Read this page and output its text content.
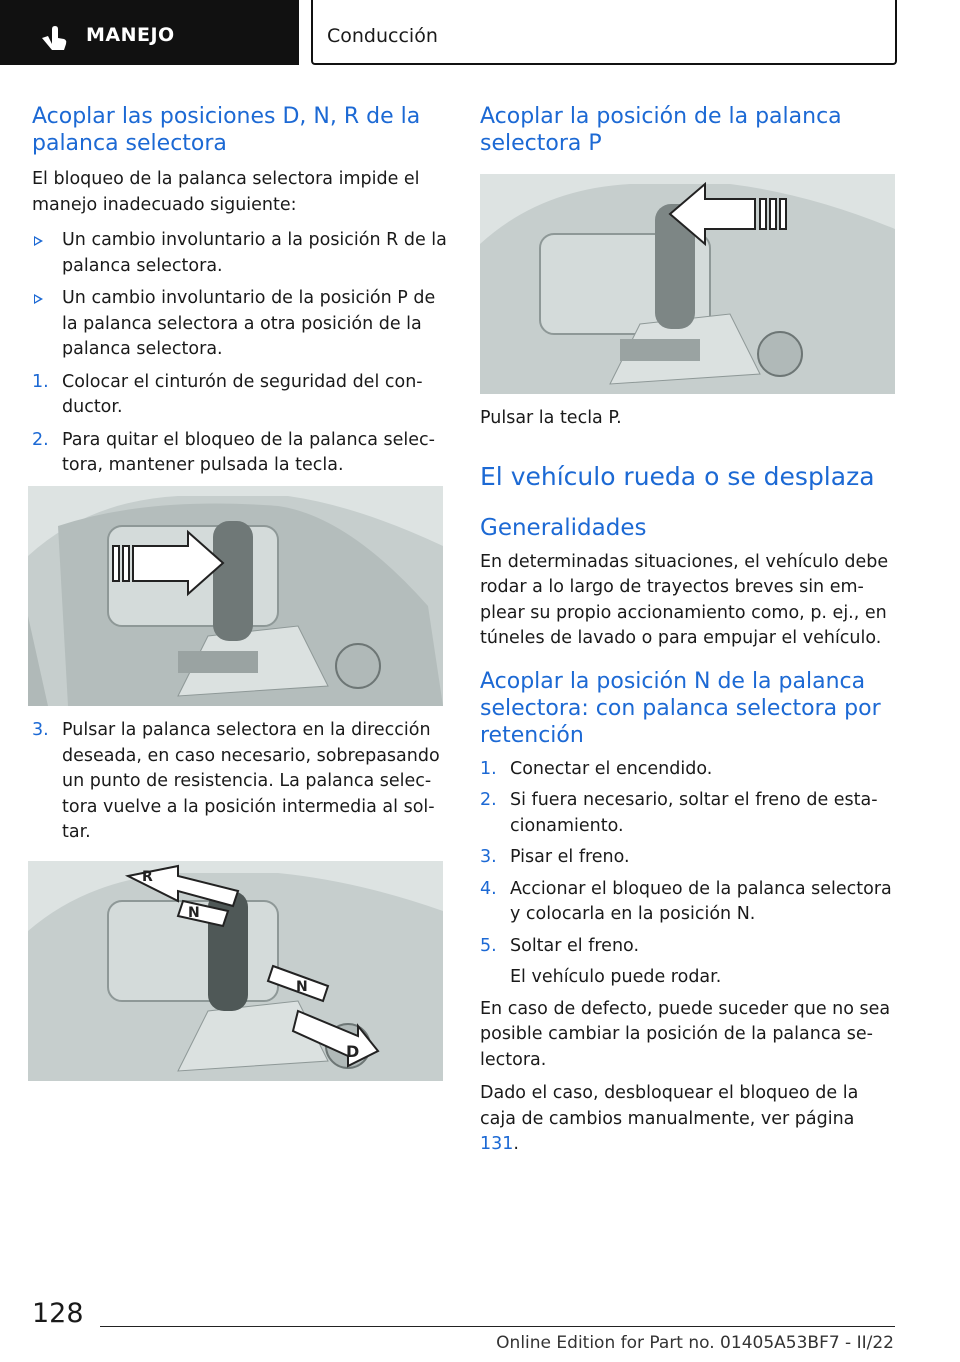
MANEJO	Conducción
Acoplar las posiciones D, N, R de la palanca selectora

El bloqueo de la palanca selectora impide el manejo inadecuado siguiente:

Un cambio involuntario a la posición R de la palanca selectora.
Un cambio involuntario de la posición P de la palanca selectora a otra posición de la palanca selectora.
1. Colocar el cinturón de seguridad del conductor.
2. Para quitar el bloqueo de la palanca selectora, mantener pulsada la tecla.
3. Pulsar la palanca selectora en la dirección deseada, en caso necesario, sobrepasando un punto de resistencia. La palanca selectora vuelve a la posición intermedia al soltar.
R
N
N
D
Acoplar la posición de la palanca selectora P

Pulsar la tecla P.

El vehículo rueda o se desplaza
Generalidades

En determinadas situaciones, el vehículo debe rodar a lo largo de trayectos breves sin emplear su propio accionamiento como, p. ej., en túneles de lavado o para empujar el vehículo.

Acoplar la posición N de la palanca selectora: con palanca selectora por retención
1. Conectar el encendido.
2. Si fuera necesario, soltar el freno de estacionamiento.
3. Pisar el freno.
4. Accionar el bloqueo de la palanca selectora y colocarla en la posición N.
5. Soltar el freno.

El vehículo puede rodar.

En caso de defecto, puede suceder que no sea posible cambiar la posición de la palanca selectora.

Dado el caso, desbloquear el bloqueo de la caja de cambios manualmente, ver página 131.

128
Online Edition for Part no. 01405A53BF7 - II/22
